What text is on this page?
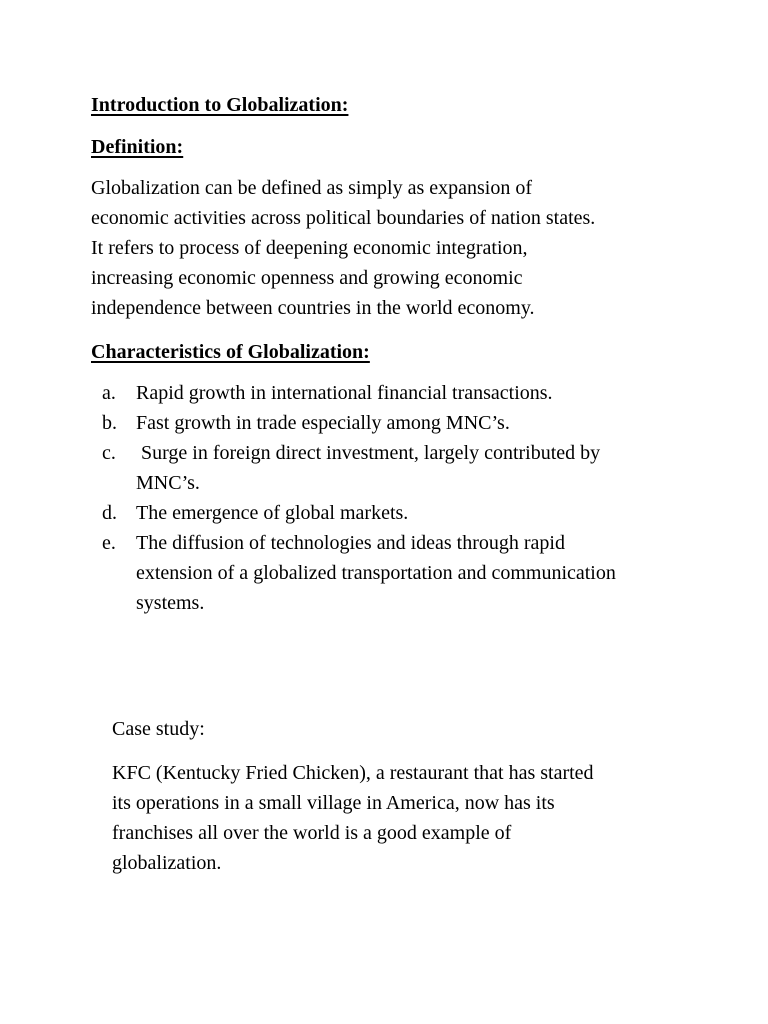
Introduction to Globalization:
Definition:

Globalization can be defined as simply as expansion of
economic activities across political boundaries of nation states.
It refers to process of deepening economic integration,
increasing economic openness and growing economic
independence between countries in the world economy.

Characteristics of Globalization:
a. Rapid growth in international financial transactions.
b. Fast growth in trade especially among MNC’s.
c. Surge in foreign direct investment, largely contributed by
MNC’s.
d. The emergence of global markets.
e. The diffusion of technologies and ideas through rapid
extension of a globalized transportation and communication
systems.

Case study:

KFC (Kentucky Fried Chicken), a restaurant that has started
its operations in a small village in America, now has its
franchises all over the world is a good example of
globalization.
